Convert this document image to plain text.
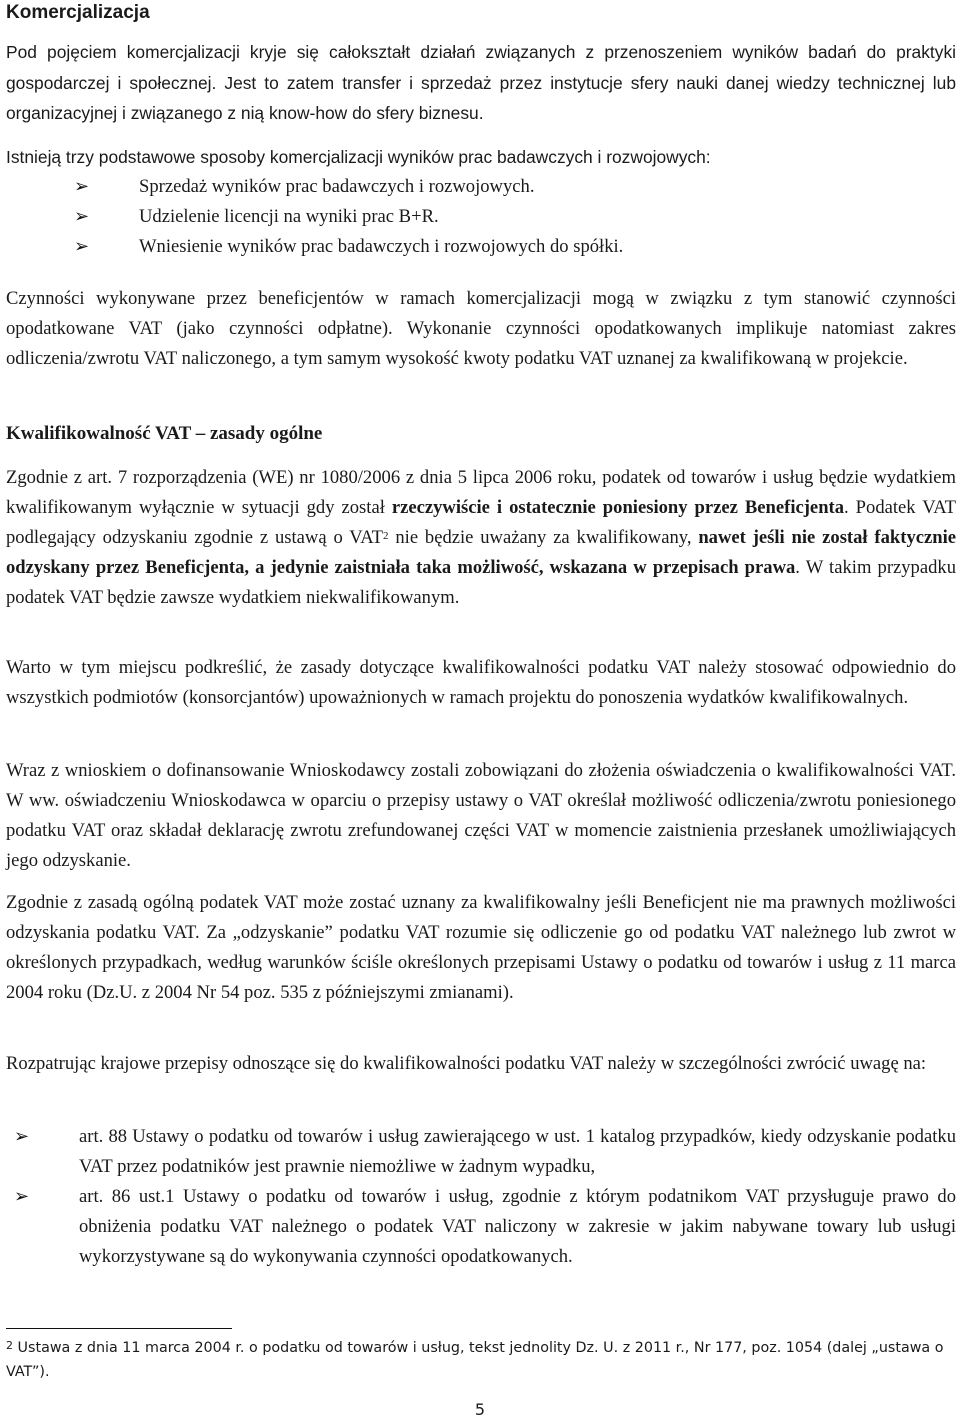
Komercjalizacja

Pod pojęciem komercjalizacji kryje się całokształt działań związanych z przenoszeniem wyników badań do praktyki gospodarczej i społecznej. Jest to zatem transfer i sprzedaż przez instytucje sfery nauki danej wiedzy technicznej lub organizacyjnej i związanego z nią know-how do sfery biznesu.

Istnieją trzy podstawowe sposoby komercjalizacji wyników prac badawczych i rozwojowych:

➢	Sprzedaż wyników prac badawczych i rozwojowych.
➢	Udzielenie licencji na wyniki prac B+R.
➢	Wniesienie wyników prac badawczych i rozwojowych do spółki.

Czynności wykonywane przez beneficjentów w ramach komercjalizacji mogą w związku z tym stanowić czynności opodatkowane VAT (jako czynności odpłatne). Wykonanie czynności opodatkowanych implikuje natomiast zakres odliczenia/zwrotu VAT naliczonego, a tym samym wysokość kwoty podatku VAT uznanej za kwalifikowaną w projekcie.

Kwalifikowalność VAT – zasady ogólne

Zgodnie z art. 7 rozporządzenia (WE) nr 1080/2006 z dnia 5 lipca 2006 roku, podatek od towarów i usług będzie wydatkiem kwalifikowanym wyłącznie w sytuacji gdy został rzeczywiście i ostatecznie poniesiony przez Beneficjenta. Podatek VAT podlegający odzyskaniu zgodnie z ustawą o VAT$^2$ nie będzie uważany za kwalifikowany, nawet jeśli nie został faktycznie odzyskany przez Beneficjenta, a jedynie zaistniała taka możliwość, wskazana w przepisach prawa. W takim przypadku podatek VAT będzie zawsze wydatkiem niekwalifikowanym.

Warto w tym miejscu podkreślić, że zasady dotyczące kwalifikowalności podatku VAT należy stosować odpowiednio do wszystkich podmiotów (konsorcjantów) upoważnionych w ramach projektu do ponoszenia wydatków kwalifikowalnych.

Wraz z wnioskiem o dofinansowanie Wnioskodawcy zostali zobowiązani do złożenia oświadczenia o kwalifikowalności VAT. W ww. oświadczeniu Wnioskodawca w oparciu o przepisy ustawy o VAT określał możliwość odliczenia/zwrotu poniesionego podatku VAT oraz składał deklarację zwrotu zrefundowanej części VAT w momencie zaistnienia przesłanek umożliwiających jego odzyskanie.

Zgodnie z zasadą ogólną podatek VAT może zostać uznany za kwalifikowalny jeśli Beneficjent nie ma prawnych możliwości odzyskania podatku VAT. Za „odzyskanie” podatku VAT rozumie się odliczenie go od podatku VAT należnego lub zwrot w określonych przypadkach, według warunków ściśle określonych przepisami Ustawy o podatku od towarów i usług z 11 marca 2004 roku (Dz.U. z 2004 Nr 54 poz. 535 z późniejszymi zmianami).

Rozpatrując krajowe przepisy odnoszące się do kwalifikowalności podatku VAT należy w szczególności zwrócić uwagę na:

➢	art. 88 Ustawy o podatku od towarów i usług zawierającego w ust. 1 katalog przypadków, kiedy odzyskanie podatku VAT przez podatników jest prawnie niemożliwe w żadnym wypadku,
➢	art. 86 ust.1 Ustawy o podatku od towarów i usług, zgodnie z którym podatnikom VAT przysługuje prawo do obniżenia podatku VAT należnego o podatek VAT naliczony w zakresie w jakim nabywane towary lub usługi wykorzystywane są do wykonywania czynności opodatkowanych.

$^2$ Ustawa z dnia 11 marca 2004 r. o podatku od towarów i usług, tekst jednolity Dz. U. z 2011 r., Nr 177, poz. 1054 (dalej „ustawa o VAT”).

5
